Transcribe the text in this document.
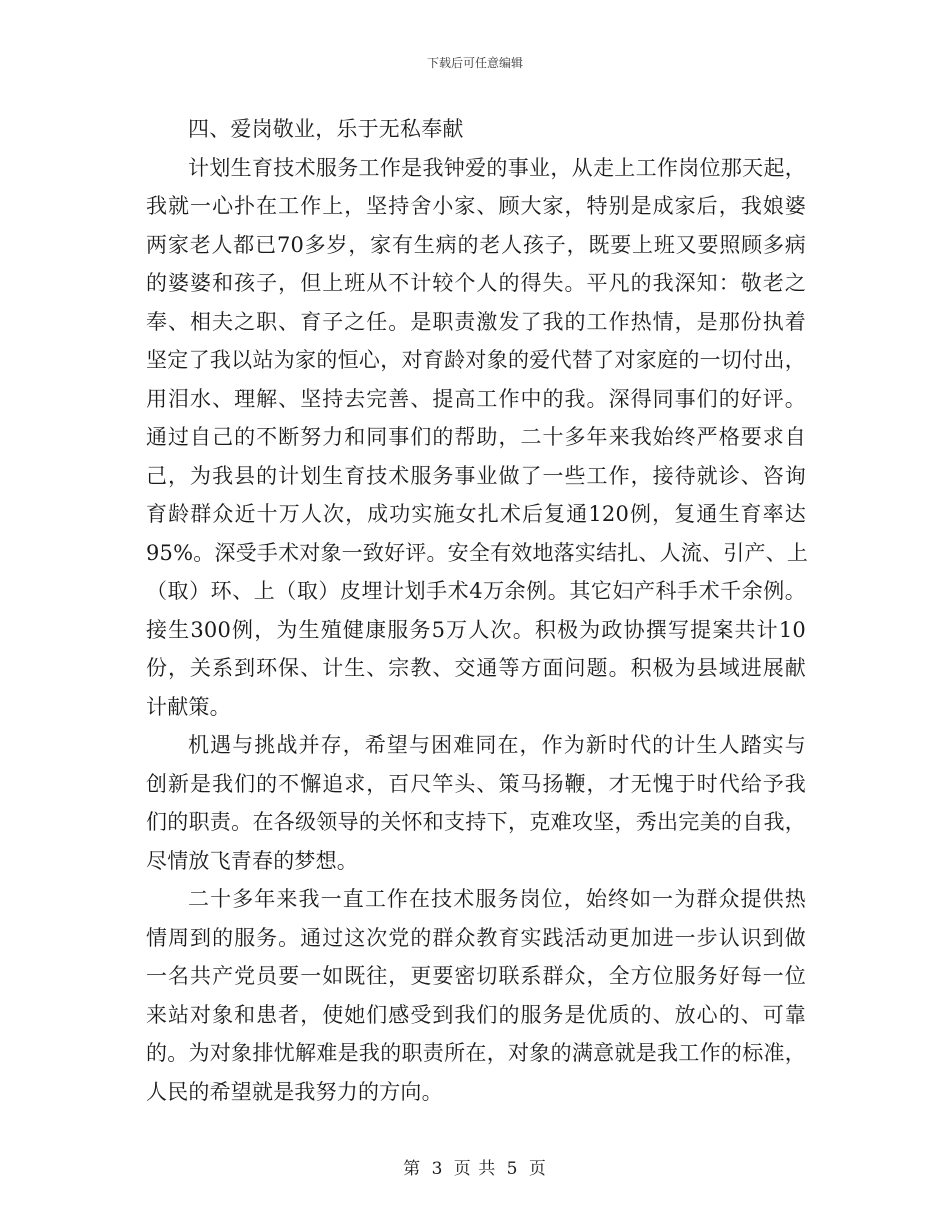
下载后可任意编辑
四、爱岗敬业，乐于无私奉献
计划生育技术服务工作是我钟爱的事业，从走上工作岗位那天起，
我就一心扑在工作上，坚持舍小家、顾大家，特别是成家后，我娘婆
两家老人都已70多岁，家有生病的老人孩子，既要上班又要照顾多病
的婆婆和孩子，但上班从不计较个人的得失。平凡的我深知：敬老之
奉、相夫之职、育子之任。是职责激发了我的工作热情，是那份执着
坚定了我以站为家的恒心，对育龄对象的爱代替了对家庭的一切付出，
用泪水、理解、坚持去完善、提高工作中的我。深得同事们的好评。
通过自己的不断努力和同事们的帮助，二十多年来我始终严格要求自
己，为我县的计划生育技术服务事业做了一些工作，接待就诊、咨询
育龄群众近十万人次，成功实施女扎术后复通120例，复通生育率达
95%。深受手术对象一致好评。安全有效地落实结扎、人流、引产、上
（取）环、上（取）皮埋计划手术4万余例。其它妇产科手术千余例。
接生300例，为生殖健康服务5万人次。积极为政协撰写提案共计10
份，关系到环保、计生、宗教、交通等方面问题。积极为县域进展献
计献策。
机遇与挑战并存，希望与困难同在，作为新时代的计生人踏实与
创新是我们的不懈追求，百尺竿头、策马扬鞭，才无愧于时代给予我
们的职责。在各级领导的关怀和支持下，克难攻坚，秀出完美的自我，
尽情放飞青春的梦想。
二十多年来我一直工作在技术服务岗位，始终如一为群众提供热
情周到的服务。通过这次党的群众教育实践活动更加进一步认识到做
一名共产党员要一如既往，更要密切联系群众，全方位服务好每一位
来站对象和患者，使她们感受到我们的服务是优质的、放心的、可靠
的。为对象排忧解难是我的职责所在，对象的满意就是我工作的标准，
人民的希望就是我努力的方向。
第 3 页 共 5 页
